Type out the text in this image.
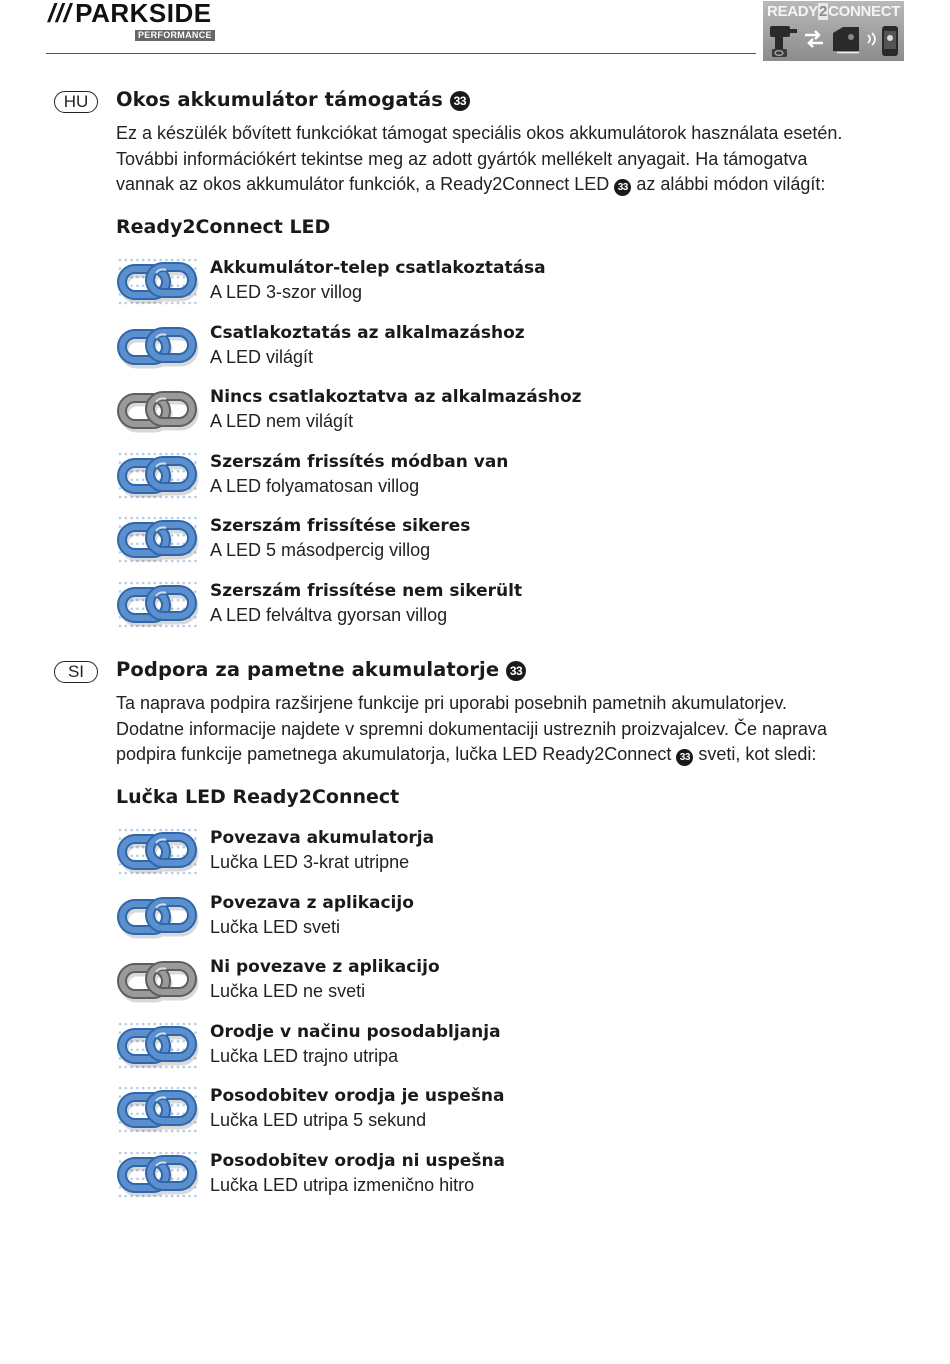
/// PARKSIDE
PERFORMANCE
READY2CONNECT
HU	Okos akkumulátor támogatás 33

Ez a készülék bővített funkciókat támogat speciális okos akkumulátorok használata esetén.

További információkért tekintse meg az adott gyártók mellékelt anyagait. Ha támogatva

vannak az okos akkumulátor funkciók, a Ready2Connect LED 33 az alábbi módon világít:

Ready2Connect LED
Akkumulátor-telep csatlakoztatása
A LED 3-szor villog
Csatlakoztatás az alkalmazáshoz
A LED világít
Nincs csatlakoztatva az alkalmazáshoz
A LED nem világít
Szerszám frissítés módban van
A LED folyamatosan villog
Szerszám frissítése sikeres
A LED 5 másodpercig villog
Szerszám frissítése nem sikerült
A LED felváltva gyorsan villog
SI	Podpora za pametne akumulatorje 33

Ta naprava podpira razširjene funkcije pri uporabi posebnih pametnih akumulatorjev.

Dodatne informacije najdete v spremni dokumentaciji ustreznih proizvajalcev. Če naprava

podpira funkcije pametnega akumulatorja, lučka LED Ready2Connect 33 sveti, kot sledi:

Lučka LED Ready2Connect
Povezava akumulatorja
Lučka LED 3-krat utripne
Povezava z aplikacijo
Lučka LED sveti
Ni povezave z aplikacijo
Lučka LED ne sveti
Orodje v načinu posodabljanja
Lučka LED trajno utripa
Posodobitev orodja je uspešna
Lučka LED utripa 5 sekund
Posodobitev orodja ni uspešna
Lučka LED utripa izmenično hitro
